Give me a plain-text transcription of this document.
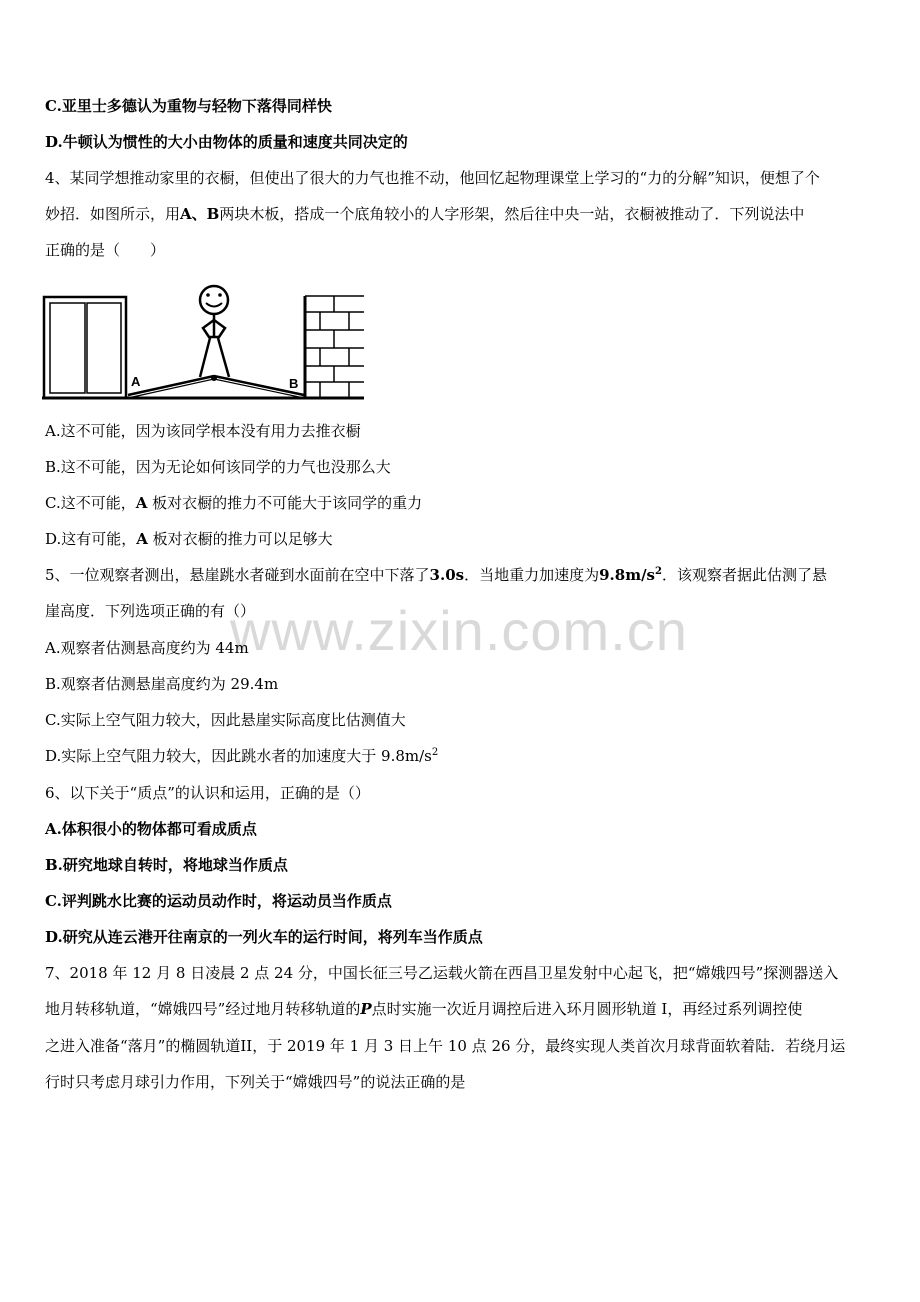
www.zixin.com.cn
C.亚里士多德认为重物与轻物下落得同样快
D.牛顿认为惯性的大小由物体的质量和速度共同决定的
4、某同学想推动家里的衣橱，但使出了很大的力气也推不动，他回忆起物理课堂上学习的“力的分解”知识，便想了个
妙招．如图所示，用A、B两块木板，搭成一个底角较小的人字形架，然后往中央一站，衣橱被推动了．下列说法中
正确的是（　　）
A	B
A.这不可能，因为该同学根本没有用力去推衣橱
B.这不可能，因为无论如何该同学的力气也没那么大
C.这不可能，A 板对衣橱的推力不可能大于该同学的重力
D.这有可能，A 板对衣橱的推力可以足够大
5、一位观察者测出，悬崖跳水者碰到水面前在空中下落了3.0s．当地重力加速度为$9.8m/s^2$．该观察者据此估测了悬
崖高度．下列选项正确的有（）
A.观察者估测悬高度约为 44m
B.观察者估测悬崖高度约为 29.4m
C.实际上空气阻力较大，因此悬崖实际高度比估测值大
D.实际上空气阻力较大，因此跳水者的加速度大于 $9.8m/s^2$
6、以下关于“质点”的认识和运用，正确的是（）
A.体积很小的物体都可看成质点
B.研究地球自转时，将地球当作质点
C.评判跳水比赛的运动员动作时，将运动员当作质点
D.研究从连云港开往南京的一列火车的运行时间，将列车当作质点
7、2018 年 12 月 8 日凌晨 2 点 24 分，中国长征三号乙运载火箭在西昌卫星发射中心起飞，把“嫦娥四号”探测器送入
地月转移轨道，“嫦娥四号”经过地月转移轨道的P点时实施一次近月调控后进入环月圆形轨道 I，再经过系列调控使
之进入准备“落月”的椭圆轨道II，于 2019 年 1 月 3 日上午 10 点 26 分，最终实现人类首次月球背面软着陆．若绕月运
行时只考虑月球引力作用，下列关于“嫦娥四号”的说法正确的是
